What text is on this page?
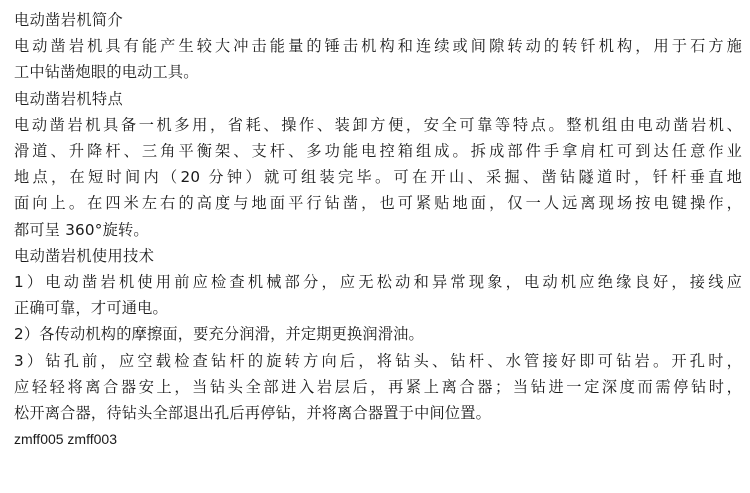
电动凿岩机简介
电动凿岩机具有能产生较大冲击能量的锤击机构和连续或间隙转动的转钎机构，用于石方施
工中钻凿炮眼的电动工具。
电动凿岩机特点
电动凿岩机具备一机多用，省耗、操作、装卸方便，安全可靠等特点。整机组由电动凿岩机、
滑道、升降杆、三角平衡架、支杆、多功能电控箱组成。拆成部件手拿肩杠可到达任意作业
地点，在短时间内（20 分钟）就可组装完毕。可在开山、采掘、凿钻隧道时，钎杆垂直地
面向上。在四米左右的高度与地面平行钻凿，也可紧贴地面，仅一人远离现场按电键操作，
都可呈 360°旋转。
电动凿岩机使用技术
1）电动凿岩机使用前应检查机械部分，应无松动和异常现象，电动机应绝缘良好，接线应
正确可靠，才可通电。
2）各传动机构的摩擦面，要充分润滑，并定期更换润滑油。
3）钻孔前，应空载检查钻杆的旋转方向后，将钻头、钻杆、水管接好即可钻岩。开孔时，
应轻轻将离合器安上，当钻头全部进入岩层后，再紧上离合器；当钻进一定深度而需停钻时，
松开离合器，待钻头全部退出孔后再停钻，并将离合器置于中间位置。
zmff005 zmff003
